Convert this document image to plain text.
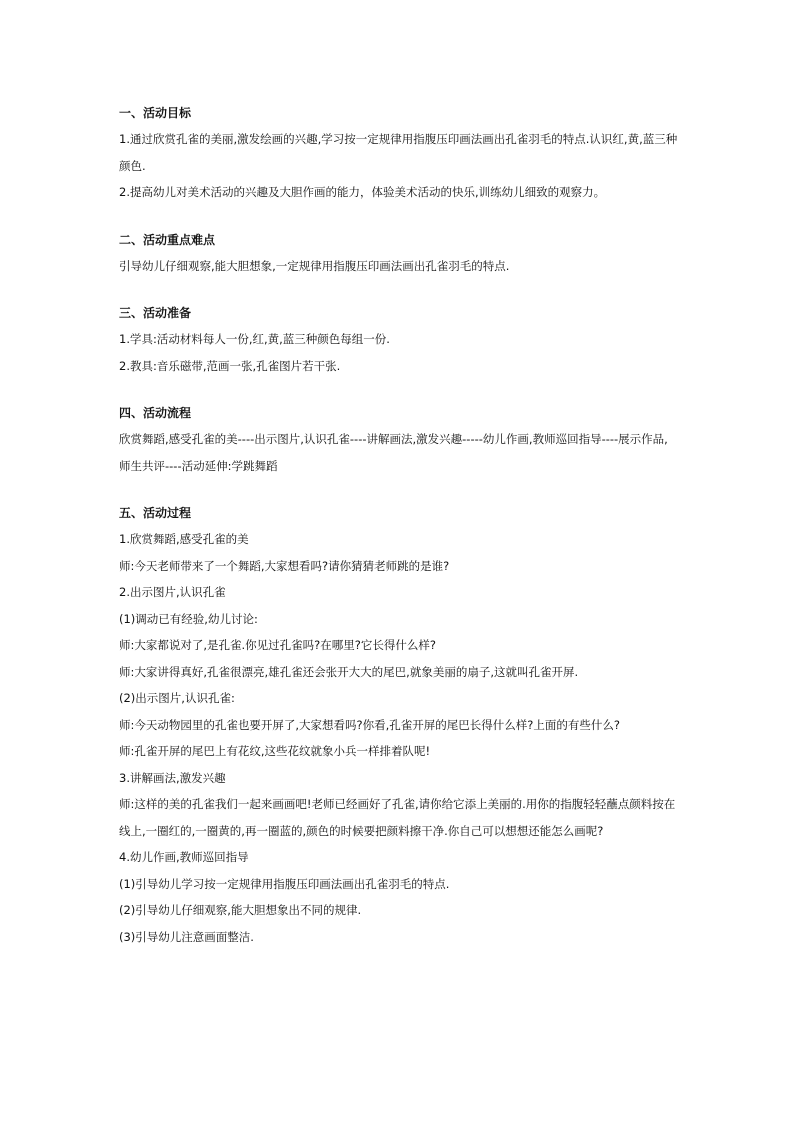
一、活动目标

1.通过欣赏孔雀的美丽,激发绘画的兴趣,学习按一定规律用指腹压印画法画出孔雀羽毛的特点.认识红,黄,蓝三种颜色.

2.提高幼儿对美术活动的兴趣及大胆作画的能力，体验美术活动的快乐,训练幼儿细致的观察力。

二、活动重点难点

引导幼儿仔细观察,能大胆想象,一定规律用指腹压印画法画出孔雀羽毛的特点.

三、活动准备

1.学具:活动材料每人一份,红,黄,蓝三种颜色每组一份.

2.教具:音乐磁带,范画一张,孔雀图片若干张.

四、活动流程

欣赏舞蹈,感受孔雀的美----出示图片,认识孔雀----讲解画法,激发兴趣-----幼儿作画,教师巡回指导----展示作品,师生共评----活动延伸:学跳舞蹈

五、活动过程

1.欣赏舞蹈,感受孔雀的美

师:今天老师带来了一个舞蹈,大家想看吗?请你猜猜老师跳的是谁?

2.出示图片,认识孔雀

(1)调动已有经验,幼儿讨论:

师:大家都说对了,是孔雀.你见过孔雀吗?在哪里?它长得什么样?

师:大家讲得真好,孔雀很漂亮,雄孔雀还会张开大大的尾巴,就象美丽的扇子,这就叫孔雀开屏.

(2)出示图片,认识孔雀:

师:今天动物园里的孔雀也要开屏了,大家想看吗?你看,孔雀开屏的尾巴长得什么样?上面的有些什么?

师:孔雀开屏的尾巴上有花纹,这些花纹就象小兵一样排着队呢!

3.讲解画法,激发兴趣

师:这样的美的孔雀我们一起来画画吧!老师已经画好了孔雀,请你给它添上美丽的.用你的指腹轻轻蘸点颜料按在线上,一圈红的,一圈黄的,再一圈蓝的,颜色的时候要把颜料擦干净.你自己可以想想还能怎么画呢?

4.幼儿作画,教师巡回指导

(1)引导幼儿学习按一定规律用指腹压印画法画出孔雀羽毛的特点.

(2)引导幼儿仔细观察,能大胆想象出不同的规律.

(3)引导幼儿注意画面整洁.
